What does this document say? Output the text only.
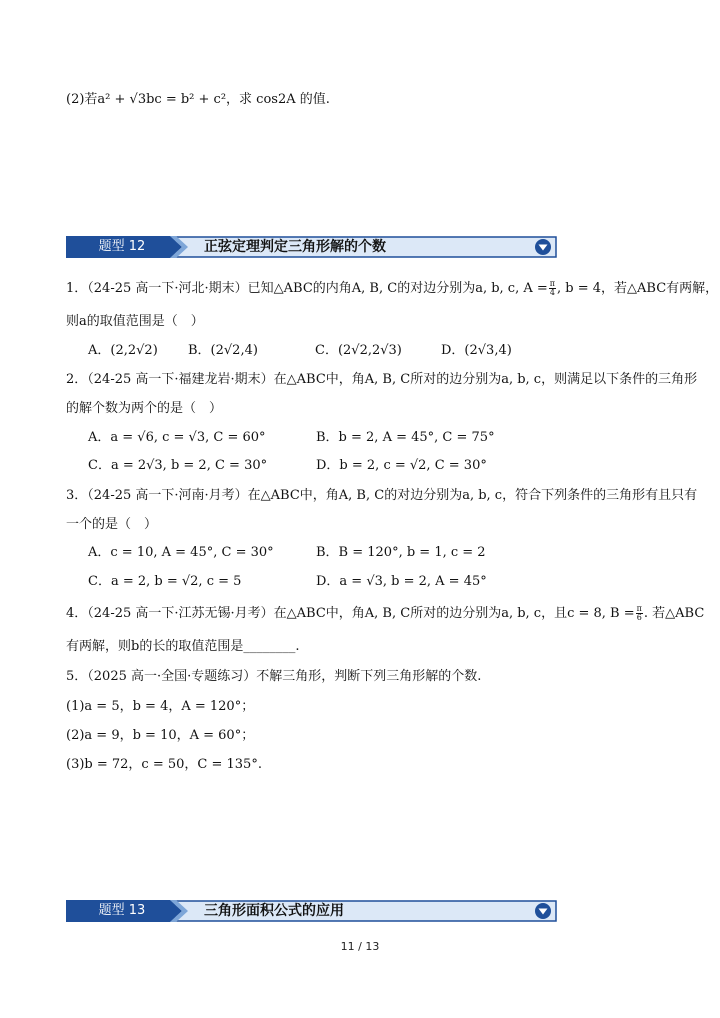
(2)若a² + √3bc = b² + c²，求 cos2A 的值.
题型 12	正弦定理判定三角形解的个数
1．（24-25 高一下·河北·期末）已知△ABC的内角A, B, C的对边分别为a, b, c, $A = \frac{\pi}{4}$ , b = 4，若△ABC有两解，
则a的取值范围是（　）
A．(2,2√2) B．(2√2,4)	C．(2√2,2√3)	D．(2√3,4)
2．（24-25 高一下·福建龙岩·期末）在△ABC中，角A, B, C所对的边分别为a, b, c，则满足以下条件的三角形
的解个数为两个的是（　）
A．a = √6, c = √3, C = 60°	B．b = 2, A = 45°, C = 75°
C．a = 2√3, b = 2, C = 30°	D．b = 2, c = √2, C = 30°
3．（24-25 高一下·河南·月考）在△ABC中，角A, B, C的对边分别为a, b, c，符合下列条件的三角形有且只有
一个的是（　）
A．c = 10, A = 45°, C = 30°	B．B = 120°, b = 1, c = 2
C．a = 2, b = √2, c = 5	D．a = √3, b = 2, A = 45°
4．（24-25 高一下·江苏无锡·月考）在△ABC中，角A, B, C所对的边分别为a, b, c，且c = 8, $B = \frac{\pi}{6}$ . 若△ABC
有两解，则b的长的取值范围是________.
5．（2025 高一·全国·专题练习）不解三角形，判断下列三角形解的个数.
(1)a = 5，b = 4，A = 120°；
(2)a = 9，b = 10，A = 60°；
(3)b = 72，c = 50，C = 135°.
题型 13	三角形面积公式的应用
11 / 13
